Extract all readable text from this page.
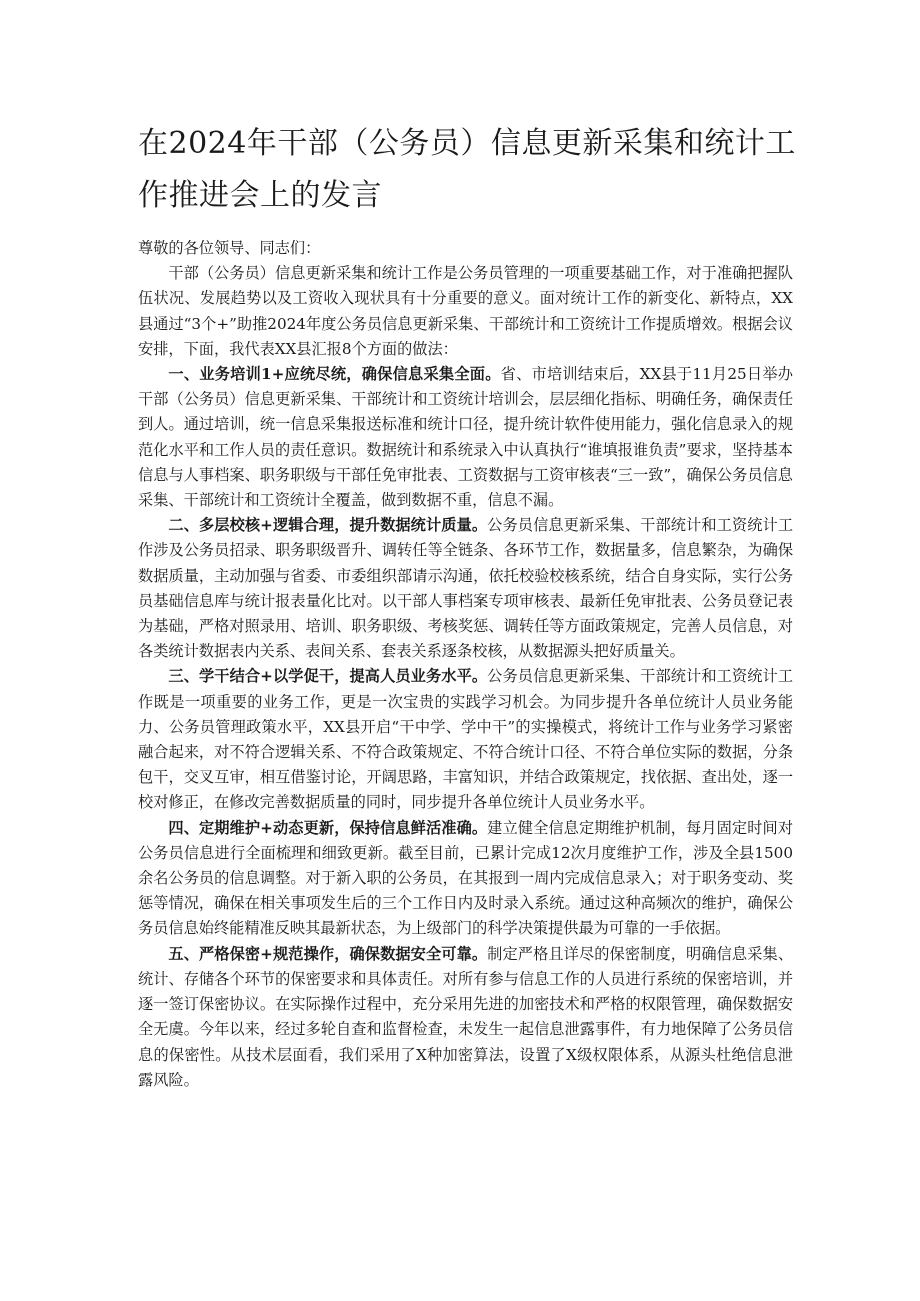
在2024年干部（公务员）信息更新采集和统计工作推进会上的发言

尊敬的各位领导、同志们：

干部（公务员）信息更新采集和统计工作是公务员管理的一项重要基础工作，对于准确把握队伍状况、发展趋势以及工资收入现状具有十分重要的意义。面对统计工作的新变化、新特点，XX县通过“3个+”助推2024年度公务员信息更新采集、干部统计和工资统计工作提质增效。根据会议安排，下面，我代表XX县汇报8个方面的做法：

一、业务培训1+应统尽统，确保信息采集全面。省、市培训结束后，XX县于11月25日举办干部（公务员）信息更新采集、干部统计和工资统计培训会，层层细化指标、明确任务，确保责任到人。通过培训，统一信息采集报送标准和统计口径，提升统计软件使用能力，强化信息录入的规范化水平和工作人员的责任意识。数据统计和系统录入中认真执行“谁填报谁负责”要求，坚持基本信息与人事档案、职务职级与干部任免审批表、工资数据与工资审核表“三一致”，确保公务员信息采集、干部统计和工资统计全覆盖，做到数据不重，信息不漏。

二、多层校核+逻辑合理，提升数据统计质量。公务员信息更新采集、干部统计和工资统计工作涉及公务员招录、职务职级晋升、调转任等全链条、各环节工作，数据量多，信息繁杂，为确保数据质量，主动加强与省委、市委组织部请示沟通，依托校验校核系统，结合自身实际，实行公务员基础信息库与统计报表量化比对。以干部人事档案专项审核表、最新任免审批表、公务员登记表为基础，严格对照录用、培训、职务职级、考核奖惩、调转任等方面政策规定，完善人员信息，对各类统计数据表内关系、表间关系、套表关系逐条校核，从数据源头把好质量关。

三、学干结合+以学促干，提高人员业务水平。公务员信息更新采集、干部统计和工资统计工作既是一项重要的业务工作，更是一次宝贵的实践学习机会。为同步提升各单位统计人员业务能力、公务员管理政策水平，XX县开启“干中学、学中干”的实操模式，将统计工作与业务学习紧密融合起来，对不符合逻辑关系、不符合政策规定、不符合统计口径、不符合单位实际的数据，分条包干，交叉互审，相互借鉴讨论，开阔思路，丰富知识，并结合政策规定，找依据、查出处，逐一校对修正，在修改完善数据质量的同时，同步提升各单位统计人员业务水平。

四、定期维护+动态更新，保持信息鲜活准确。建立健全信息定期维护机制，每月固定时间对公务员信息进行全面梳理和细致更新。截至目前，已累计完成12次月度维护工作，涉及全县1500余名公务员的信息调整。对于新入职的公务员，在其报到一周内完成信息录入；对于职务变动、奖惩等情况，确保在相关事项发生后的三个工作日内及时录入系统。通过这种高频次的维护，确保公务员信息始终能精准反映其最新状态，为上级部门的科学决策提供最为可靠的一手依据。

五、严格保密+规范操作，确保数据安全可靠。制定严格且详尽的保密制度，明确信息采集、统计、存储各个环节的保密要求和具体责任。对所有参与信息工作的人员进行系统的保密培训，并逐一签订保密协议。在实际操作过程中，充分采用先进的加密技术和严格的权限管理，确保数据安全无虞。今年以来，经过多轮自查和监督检查，未发生一起信息泄露事件，有力地保障了公务员信息的保密性。从技术层面看，我们采用了X种加密算法，设置了X级权限体系，从源头杜绝信息泄露风险。
